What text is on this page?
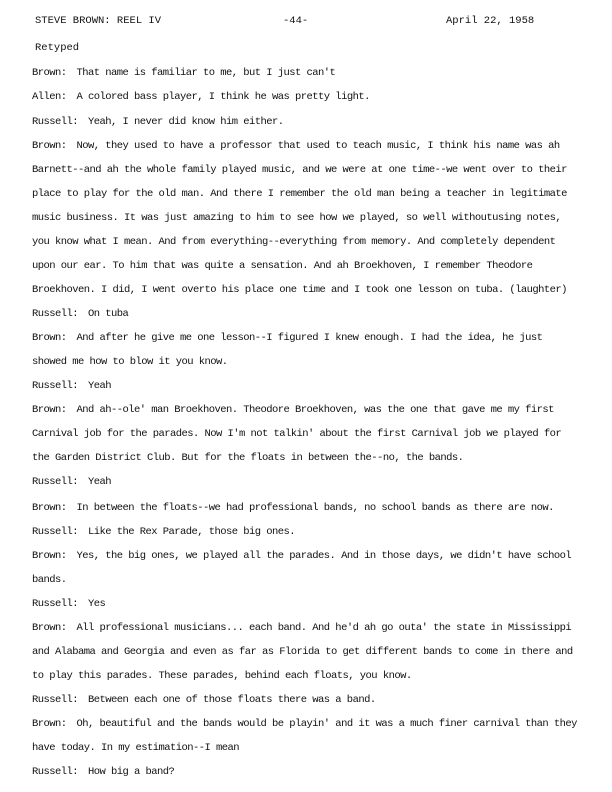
STEVE BROWN: REEL IV	-44-	April 22, 1958
Retyped
Brown: That name is familiar to me, but I just can't
Allen: A colored bass player, I think he was pretty light.
Russell: Yeah, I never did know him either.
Brown: Now, they used to have a professor that used to teach music, I think his name was ah
Barnett--and ah the whole family played music, and we were at one time--we went over to their
place to play for the old man. And there I remember the old man being a teacher in legitimate
music business. It was just amazing to him to see how we played, so well withoutusing notes,
you know what I mean. And from everything--everything from memory. And completely dependent
upon our ear. To him that was quite a sensation. And ah Broekhoven, I remember Theodore
Broekhoven. I did, I went overto his place one time and I took one lesson on tuba. (laughter)
Russell: On tuba
Brown: And after he give me one lesson--I figured I knew enough. I had the idea, he just
showed me how to blow it you know.
Russell: Yeah
Brown: And ah--ole' man Broekhoven. Theodore Broekhoven, was the one that gave me my first
Carnival job for the parades. Now I'm not talkin' about the first Carnival job we played for
the Garden District Club. But for the floats in between the--no, the bands.
Russell: Yeah
Brown: In between the floats--we had professional bands, no school bands as there are now.
Russell: Like the Rex Parade, those big ones.
Brown: Yes, the big ones, we played all the parades. And in those days, we didn't have school
bands.
Russell: Yes
Brown: All professional musicians... each band. And he'd ah go outa' the state in Mississippi
and Alabama and Georgia and even as far as Florida to get different bands to come in there and
to play this parades. These parades, behind each floats, you know.
Russell: Between each one of those floats there was a band.
Brown: Oh, beautiful and the bands would be playin' and it was a much finer carnival than they
have today. In my estimation--I mean
Russell: How big a band?
